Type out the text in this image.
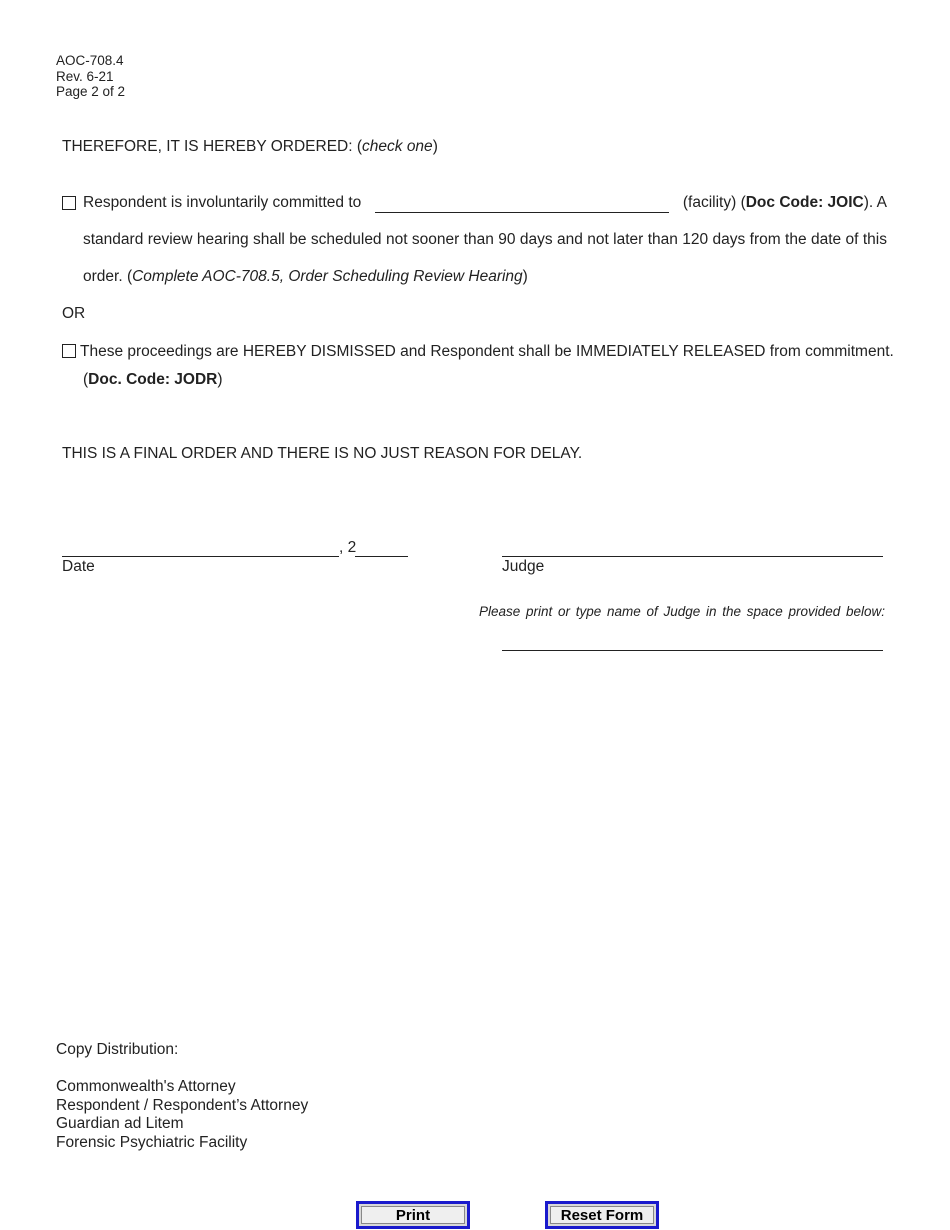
AOC-708.4
Rev. 6-21
Page 2 of 2
THEREFORE, IT IS HEREBY ORDERED: (check one)
Respondent is involuntarily committed to
	(facility) (Doc Code: JOIC). A
standard review hearing shall be scheduled not sooner than 90 days and not later than 120 days from the date of this
order. (Complete AOC-708.5, Order Scheduling Review Hearing)
OR
These proceedings are HEREBY DISMISSED and Respondent shall be IMMEDIATELY RELEASED from commitment.
(Doc. Code: JODR)
THIS IS A FINAL ORDER AND THERE IS NO JUST REASON FOR DELAY.
, 2
Date	Judge
Please print or type name of Judge in the space provided below:
Copy Distribution:
Commonwealth's Attorney
Respondent / Respondent’s Attorney
Guardian ad Litem
Forensic Psychiatric Facility
Print	Reset Form
